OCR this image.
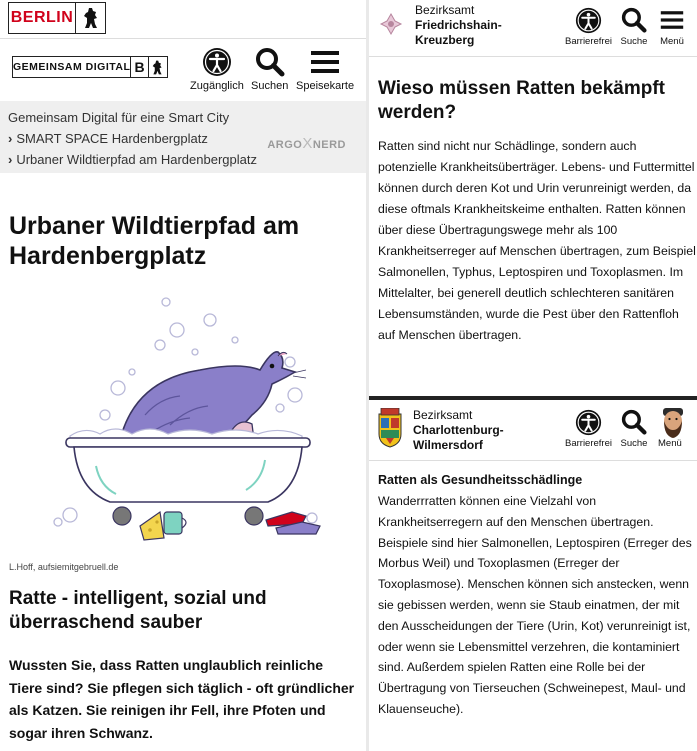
BERLIN
GEMEINSAM DIGITAL B
Zugänglich Suchen Speisekarte
Gemeinsam Digital für eine Smart City
› SMART SPACE Hardenbergplatz
› Urbaner Wildtierpfad am Hardenbergplatz
ARGOXNERD
Urbaner Wildtierpfad am Hardenbergplatz
L.Hoff, aufsiemitgebruell.de
Ratte - intelligent, sozial und überraschend sauber

Wussten Sie, dass Ratten unglaublich reinliche Tiere sind? Sie pflegen sich täglich - oft gründlicher als Katzen. Sie reinigen ihr Fell, ihre Pfoten und sogar ihren Schwanz.

Bezirksamt
Friedrichshain-
Kreuzberg	Barrierefrei Suche Menü
Wieso müssen Ratten bekämpft werden?

Ratten sind nicht nur Schädlinge, sondern auch potenzielle Krankheitsüberträger. Lebens- und Futtermittel können durch deren Kot und Urin verunreinigt werden, da diese oftmals Krankheitskeime enthalten. Ratten können über diese Übertragungswege mehr als 100 Krankheitserreger auf Menschen übertragen, zum Beispiel Salmonellen, Typhus, Leptospiren und Toxoplasmen. Im Mittelalter, bei generell deutlich schlechteren sanitären Lebensumständen, wurde die Pest über den Rattenfloh auf Menschen übertragen.

Bezirksamt
Charlottenburg-
Wilmersdorf	Barrierefrei Suche Menü
Ratten als Gesundheitsschädlinge

Wanderrratten können eine Vielzahl von Krankheitserregern auf den Menschen übertragen. Beispiele sind hier Salmonellen, Leptospiren (Erreger des Morbus Weil) und Toxoplasmen (Erreger der Toxoplasmose). Menschen können sich anstecken, wenn sie gebissen werden, wenn sie Staub einatmen, der mit den Ausscheidungen der Tiere (Urin, Kot) verunreinigt ist, oder wenn sie Lebensmittel verzehren, die kontaminiert sind. Außerdem spielen Ratten eine Rolle bei der Übertragung von Tierseuchen (Schweinepest, Maul- und Klauenseuche).
